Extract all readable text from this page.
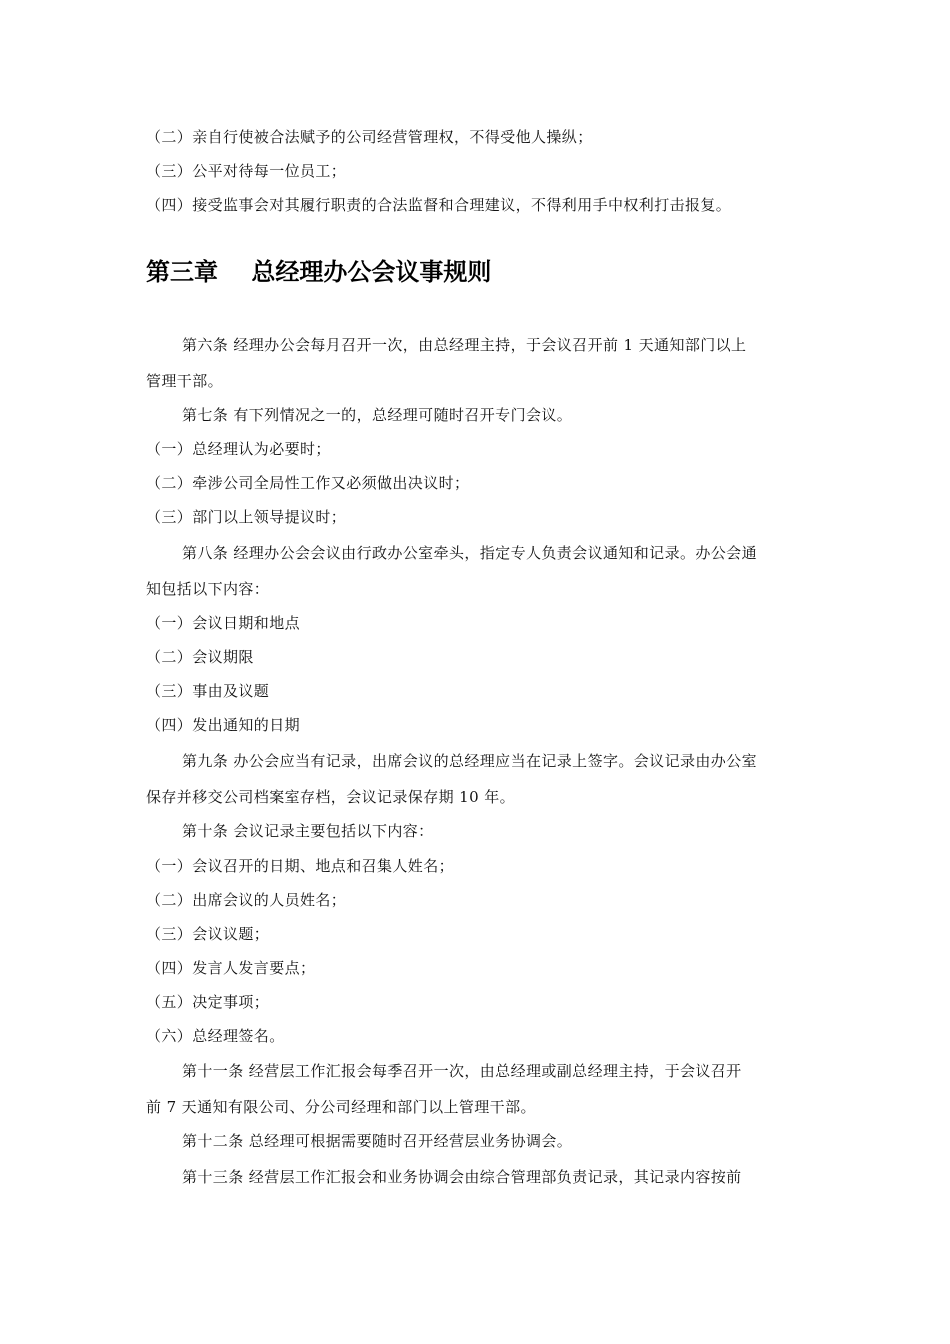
（二）亲自行使被合法赋予的公司经营管理权，不得受他人操纵；
（三）公平对待每一位员工；
（四）接受监事会对其履行职责的合法监督和合理建议，不得利用手中权利打击报复。
第三章    总经理办公会议事规则
第六条 经理办公会每月召开一次，由总经理主持，于会议召开前 1 天通知部门以上
管理干部。
第七条 有下列情况之一的，总经理可随时召开专门会议。
（一）总经理认为必要时；
（二）牵涉公司全局性工作又必须做出决议时；
（三）部门以上领导提议时；
第八条 经理办公会会议由行政办公室牵头，指定专人负责会议通知和记录。办公会通
知包括以下内容：
（一）会议日期和地点
（二）会议期限
（三）事由及议题
（四）发出通知的日期
第九条 办公会应当有记录，出席会议的总经理应当在记录上签字。会议记录由办公室
保存并移交公司档案室存档，会议记录保存期 10 年。
第十条 会议记录主要包括以下内容：
（一）会议召开的日期、地点和召集人姓名；
（二）出席会议的人员姓名；
（三）会议议题；
（四）发言人发言要点；
（五）决定事项；
（六）总经理签名。
第十一条 经营层工作汇报会每季召开一次，由总经理或副总经理主持，于会议召开
前 7 天通知有限公司、分公司经理和部门以上管理干部。
第十二条 总经理可根据需要随时召开经营层业务协调会。
第十三条 经营层工作汇报会和业务协调会由综合管理部负责记录，其记录内容按前
